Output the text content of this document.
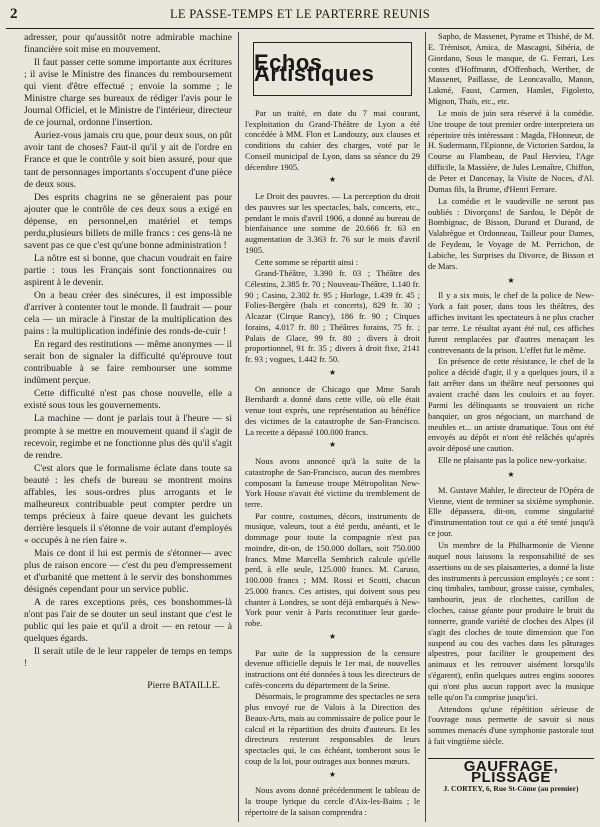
2	LE PASSE-TEMPS ET LE PARTERRE REUNIS

adresser, pour qu'aussitôt notre admirable machine financière soit mise en mouvement.

Il faut passer cette somme importante aux écritures ; il avise le Ministre des finances du remboursement qui vient d'être effectué ; envoie la somme ; le Ministre charge ses bureaux de rédiger l'avis pour le Journal Officiel, et le Ministre de l'intérieur, directeur de ce journal, ordonne l'insertion.

Auriez-vous jamais cru que, pour deux sous, on pût avoir tant de choses? Faut-il qu'il y ait de l'ordre en France et que le contrôle y soit bien assuré, pour que tant de personnages importants s'occupent d'une pièce de deux sous.

Des esprits chagrins ne se gêneraient pas pour ajouter que le contrôle de ces deux sous a exigé en dépense, en personnel,en matériel et temps perdu,plusieurs billets de mille francs : ces gens-là ne savent pas ce que c'est qu'une bonne administration !

La nôtre est si bonne, que chacun voudrait en faire partie : tous les Français sont fonctionnaires ou aspirent à le devenir.

On a beau créer des sinécures, il est impossible d'arriver à contenter tout le monde. Il faudrait — pour cela — un miracle à l'instar de la multiplication des pains : la multiplication indéfinie des ronds-de-cuir !

En regard des restitutions — même anonymes — il serait bon de signaler la difficulté qu'éprouve tout contribuable à se faire rembourser une somme indûment perçue.

Cette difficulté n'est pas chose nouvelle, elle a existé sous tous les gouvernements.

La machine — dont je parlais tout à l'heure — si prompte à se mettre en mouvement quand il s'agit de recevoir, regimbe et ne fonctionne plus dès qu'il s'agit de rendre.

C'est alors que le formalisme éclate dans toute sa beauté : les chefs de bureau se montrent moins affables, les sous-ordres plus arrogants et le malheureux contribuable peut compter perdre un temps précieux à faire queue devant les guichets derrière lesquels il s'étonne de voir autant d'employés « occupés à ne rien faire ».

Mais ce dont il lui est permis de s'étonner— avec plus de raison encore — c'est du peu d'empressement et d'urbanité que mettent à le servir des bonshommes désignés cependant pour un service public.

A de rares exceptions près, ces bonshommes-là n'ont pas l'air de se douter un seul instant que c'est le public qui les paie et qu'il a droit — en retour — à quelques égards.

Il serait utile de le leur rappeler de temps en temps !

Pierre BATAILLE.
Echos Artistiques

Par un traité, en date du 7 mai courant, l'exploitation du Grand-Théâtre de Lyon a été concédée à MM. Flon et Landouzy, aux clauses et conditions du cahier des charges, voté par le Conseil municipal de Lyon, dans sa séance du 29 décembre 1905.

★

Le Droit des pauvres. — La perception du droit des pauvres sur les spectacles, bals, concerts, etc., pendant le mois d'avril 1906, a donné au bureau de bienfaisance une somme de 20.666 fr. 63 en augmentation de 3.363 fr. 76 sur le mois d'avril 1905.

Cette somme se répartit ainsi :

Grand-Théâtre, 3.390 fr. 03 ; Théâtre des Célestins, 2.385 fr. 70 ; Nouveau-Théâtre, 1.140 fr. 90 ; Casino, 2.302 fr. 95 ; Horloge, 1.439 fr. 45 ; Folies-Bergère (bals et concerts), 829 fr. 30 ; Alcazar (Cirque Rancy), 186 fr. 90 ; Cirques forains, 4.017 fr. 80 ; Théâtres forains, 75 fr. ; Palais de Glace, 99 fr. 80 ; divers à droit proportionnel, 91 fr. 35 ; divers à droit fixe, 2141 fr. 93 ; vogues, 1.442 fr. 50.

★

On annonce de Chicago que Mme Sarah Bernhardt a donné dans cette ville, où elle était venue tout exprès, une représentation au bénéfice des victimes de la catastrophe de San-Francisco. La recette a dépassé 100.000 francs.

★

Nous avons annoncé qu'à la suite de la catastrophe de San-Francisco, aucun des membres composant la fameuse troupe Métropolitan New-York House n'avait été victime du tremblement de terre.

Par contre, costumes, décors, instruments de musique, valeurs, tout a été perdu, anéanti, et le dommage pour toute la compagnie n'est pas moindre, dit-on, de 150.000 dollars, soit 750.000 francs. Mme Marcella Sembrich calcule qu'elle perd, à elle seule, 125.000 francs. M. Caruso, 100.000 francs ; MM. Rossi et Scotti, chacun 25.000 francs. Ces artistes, qui doivent sous peu chanter à Londres, se sont déjà embarqués à New-York pour venir à Paris reconstituer leur garde-robe.

★

Par suite de la suppression de la censure devenue officielle depuis le 1er mai, de nouvelles instructions ont été données à tous les directeurs de cafés-concerts du département de la Seine.

Désormais, le programme des spectacles ne sera plus envoyé rue de Valois à la Direction des Beaux-Arts, mais au commissaire de police pour le calcul et la répartition des droits d'auteurs. Et les directeurs resteront responsables de leurs spectacles qui, le cas échéant, tomberont sous le coup de la loi, pour outrages aux bonnes mœurs.

★

Nous avons donné précédemment le tableau de la troupe lyrique du cercle d'Aix-les-Bains ; le répertoire de la saison comprendra :

Sapho, de Massenet, Pyrame et Thisbé, de M. E. Trémisot, Amica, de Mascagni, Sibéria, de Giordano, Sous le masque, de G. Ferrari, Les contes d'Hoffmann, d'Offenbach, Werther, de Massenet, Paillasse, de Leoncavallo, Manon, Lakmé, Faust, Carmen, Hamlet, Figoletto, Mignon, Thaïs, etc., etc.

Le mois de juin sera réservé à la comédie. Une troupe de tout premier ordre interpretera un répertoire très intéressant : Magda, l'Honneur, de H. Sudermann, l'Epionne, de Victorien Sardou, la Course au Flambeau, de Paul Hervieu, l'Age difficile, la Massière, de Jules Lemaître, Chiffon, de Peter et Dancenay, la Visite de Noces, d'Al. Dumas fils, la Brume, d'Henri Ferrare.

La comédie et le vaudeville ne seront pas oubliés : Divorçons! de Sardou, le Dépôt de Bombignac, de Bisson, Durand et Durand, de Valabrègue et Ordonneau, Tailleur pour Dames, de Feydeau, le Voyage de M. Perrichon, de Labiche, les Surprises du Divorce, de Bisson et de Mars.

★

Il y a six mois, le chef de la police de New-York a fait poser, dans tous les théâtres, des affiches invitant les spectateurs à ne plus cracher par terre. Le résultat ayant été nul, ces affiches furent remplacées par d'autres menaçant les contrevenants de la prison. L'effet fut le même.

En présence de cette résistance, le chef de la police a décidé d'agir, il y a quelques jours, il a fait arrêter dans un théâtre neuf personnes qui avaient craché dans les couloirs et au foyer. Parmi les délinquants se trouvaient un riche banquier, un gros négociant, un marchand de meubles et... un artiste dramatique. Tous ont été envoyés au dépôt et n'ont été relâchés qu'après avoir déposé une caution.

Elle ne plaisante pas la police new-yorkaise.

★

M. Gustave Mahler, le directeur de l'Opéra de Vienne, vient de terminer sa sixième symphonie. Elle dépassera, dit-on, comme singularité d'instrumentation tout ce qui a été tenté jusqu'à ce jour.

Un membre de la Philharmonie de Vienne auquel nous laissons la responsabilité de ses assertions ou de ses plaisanteries, a donné la liste des instruments à percussion employés ; ce sont : cinq timbales, tambour, grosse caisse, cymbales, tambourin, jeux de clochettes, carillon de cloches, caisse géante pour produire le bruit du tonnerre, grande variété de cloches des Alpes (il s'agit des cloches de toute dimension que l'on suspend au cou des vaches dans les pâturages alpestres, pour faciliter le groupement des animaux et les retrouver aisément lorsqu'ils s'égarent), enfin quelques autres engins sonores qui n'ont plus aucun rapport avec la musique telle qu'on l'a comprise jusqu'ici.

Attendons qu'une répétition sérieuse de l'ouvrage nous permette de savoir si nous sommes menacés d'une symphonie pastorale tout à fait vingtième siècle.

GAUFRAGE, PLISSAGE
J. CORTEY, 6, Rue St-Côme (au premier)
